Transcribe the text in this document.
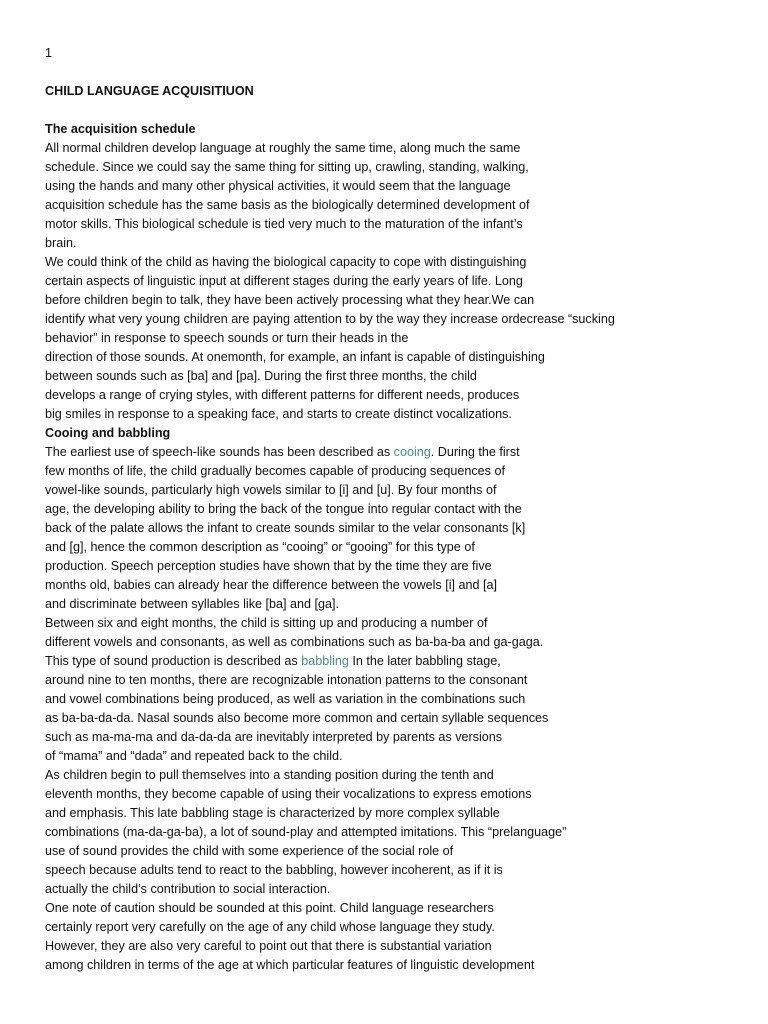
1
CHILD LANGUAGE ACQUISITIUON
The acquisition schedule
All normal children develop language at roughly the same time, along much the same
schedule. Since we could say the same thing for sitting up, crawling, standing, walking,
using the hands and many other physical activities, it would seem that the language
acquisition schedule has the same basis as the biologically determined development of
motor skills. This biological schedule is tied very much to the maturation of the infant’s
brain.
We could think of the child as having the biological capacity to cope with distinguishing
certain aspects of linguistic input at different stages during the early years of life. Long
before children begin to talk, they have been actively processing what they hear.We can
identify what very young children are paying attention to by the way they increase ordecrease “sucking
behavior” in response to speech sounds or turn their heads in the
direction of those sounds. At onemonth, for example, an infant is capable of distinguishing
between sounds such as [ba] and [pa]. During the first three months, the child
develops a range of crying styles, with different patterns for different needs, produces
big smiles in response to a speaking face, and starts to create distinct vocalizations.
Cooing and babbling
The earliest use of speech-like sounds has been described as cooing. During the first
few months of life, the child gradually becomes capable of producing sequences of
vowel-like sounds, particularly high vowels similar to [i] and [u]. By four months of
age, the developing ability to bring the back of the tongue into regular contact with the
back of the palate allows the infant to create sounds similar to the velar consonants [k]
and [g], hence the common description as “cooing” or “gooing” for this type of
production. Speech perception studies have shown that by the time they are five
months old, babies can already hear the difference between the vowels [i] and [a]
and discriminate between syllables like [ba] and [ga].
Between six and eight months, the child is sitting up and producing a number of
different vowels and consonants, as well as combinations such as ba-ba-ba and ga-gaga.
This type of sound production is described as babbling In the later babbling stage,
around nine to ten months, there are recognizable intonation patterns to the consonant
and vowel combinations being produced, as well as variation in the combinations such
as ba-ba-da-da. Nasal sounds also become more common and certain syllable sequences
such as ma-ma-ma and da-da-da are inevitably interpreted by parents as versions
of “mama” and “dada” and repeated back to the child.
As children begin to pull themselves into a standing position during the tenth and
eleventh months, they become capable of using their vocalizations to express emotions
and emphasis. This late babbling stage is characterized by more complex syllable
combinations (ma-da-ga-ba), a lot of sound-play and attempted imitations. This “prelanguage”
use of sound provides the child with some experience of the social role of
speech because adults tend to react to the babbling, however incoherent, as if it is
actually the child’s contribution to social interaction.
One note of caution should be sounded at this point. Child language researchers
certainly report very carefully on the age of any child whose language they study.
However, they are also very careful to point out that there is substantial variation
among children in terms of the age at which particular features of linguistic development
